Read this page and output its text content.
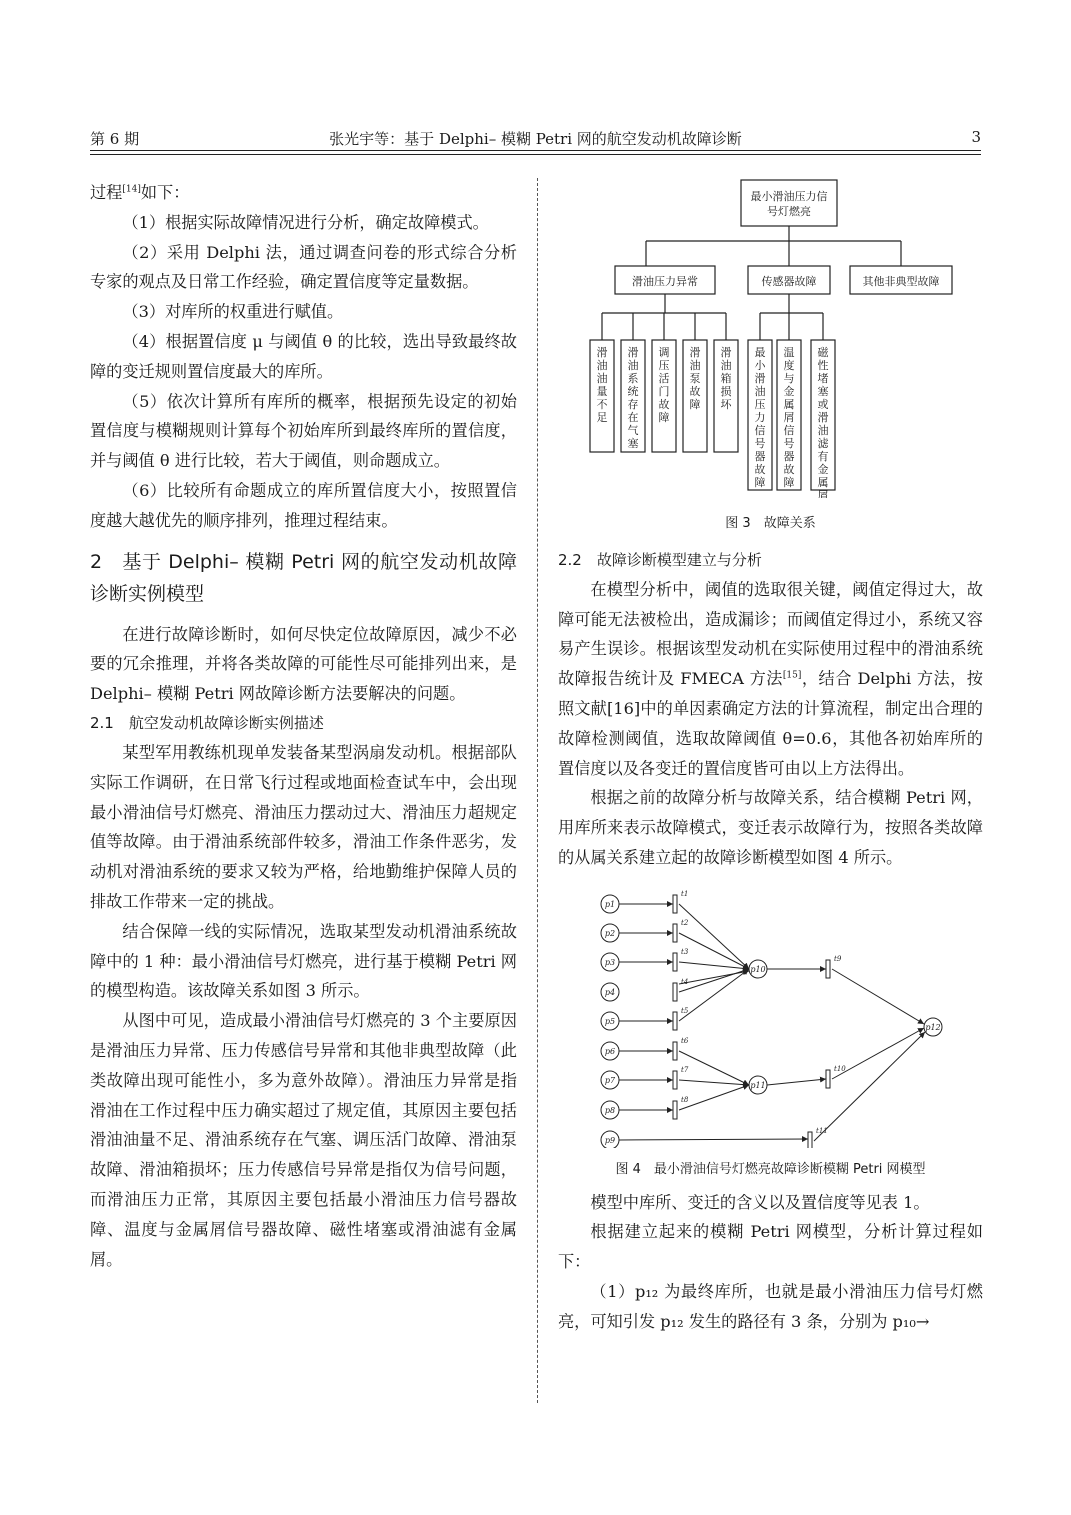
第 6 期	张光宇等：基于 Delphi– 模糊 Petri 网的航空发动机故障诊断	3

过程[14]如下：

（1）根据实际故障情况进行分析，确定故障模式。

（2）采用 Delphi 法，通过调查问卷的形式综合分析专家的观点及日常工作经验，确定置信度等定量数据。

（3）对库所的权重进行赋值。

（4）根据置信度 μ 与阈值 θ 的比较，选出导致最终故障的变迁规则置信度最大的库所。

（5）依次计算所有库所的概率，根据预先设定的初始置信度与模糊规则计算每个初始库所到最终库所的置信度，并与阈值 θ 进行比较，若大于阈值，则命题成立。

（6）比较所有命题成立的库所置信度大小，按照置信度越大越优先的顺序排列，推理过程结束。

2　基于 Delphi– 模糊 Petri 网的航空发动机故障诊断实例模型

在进行故障诊断时，如何尽快定位故障原因，减少不必要的冗余推理，并将各类故障的可能性尽可能排列出来，是 Delphi– 模糊 Petri 网故障诊断方法要解决的问题。

2.1　航空发动机故障诊断实例描述

某型军用教练机现单发装备某型涡扇发动机。根据部队实际工作调研，在日常飞行过程或地面检查试车中，会出现最小滑油信号灯燃亮、滑油压力摆动过大、滑油压力超规定值等故障。由于滑油系统部件较多，滑油工作条件恶劣，发动机对滑油系统的要求又较为严格，给地勤维护保障人员的排故工作带来一定的挑战。

结合保障一线的实际情况，选取某型发动机滑油系统故障中的 1 种：最小滑油信号灯燃亮，进行基于模糊 Petri 网的模型构造。该故障关系如图 3 所示。

从图中可见，造成最小滑油信号灯燃亮的 3 个主要原因是滑油压力异常、压力传感信号异常和其他非典型故障（此类故障出现可能性小，多为意外故障）。滑油压力异常是指滑油在工作过程中压力确实超过了规定值，其原因主要包括滑油油量不足、滑油系统存在气塞、调压活门故障、滑油泵故障、滑油箱损坏；压力传感信号异常是指仅为信号问题，而滑油压力正常，其原因主要包括最小滑油压力信号器故障、温度与金属屑信号器故障、磁性堵塞或滑油滤有金属屑。

最小滑油压力信号灯燃亮
滑油压力异常	传感器故障	其他非典型故障
滑
油
油
量
不
足
滑
油
系
统
存
在
气
塞
调
压
活
门
故
障
滑
油
泵
故
障
滑
油
箱
损
坏
最
小
滑
油
压
力
信
号
器
故
障
温
度
与
金
属
屑
信
号
器
故
障
磁
性
堵
塞
或
滑
油
滤
有
金
属
屑
图 3　故障关系
2.2　故障诊断模型建立与分析

在模型分析中，阈值的选取很关键，阈值定得过大，故障可能无法被检出，造成漏诊；而阈值定得过小，系统又容易产生误诊。根据该型发动机在实际使用过程中的滑油系统故障报告统计及 FMECA 方法[15]，结合 Delphi 方法，按照文献[16]中的单因素确定方法的计算流程，制定出合理的故障检测阈值，选取故障阈值 θ=0.6，其他各初始库所的置信度以及各变迁的置信度皆可由以上方法得出。

根据之前的故障分析与故障关系，结合模糊 Petri 网，用库所来表示故障模式，变迁表示故障行为，按照各类故障的从属关系建立起的故障诊断模型如图 4 所示。

p1
p2
p3
p4
p5
p6
p7
p8
p9
p10
p11
p12
t1
t2
t3
t4
t5
t6
t7
t8
t9
t10
t11
图 4　最小滑油信号灯燃亮故障诊断模糊 Petri 网模型

模型中库所、变迁的含义以及置信度等见表 1。

根据建立起来的模糊 Petri 网模型，分析计算过程如下：

（1）p₁₂ 为最终库所，也就是最小滑油压力信号灯燃亮，可知引发 p₁₂ 发生的路径有 3 条，分别为 p₁₀→
